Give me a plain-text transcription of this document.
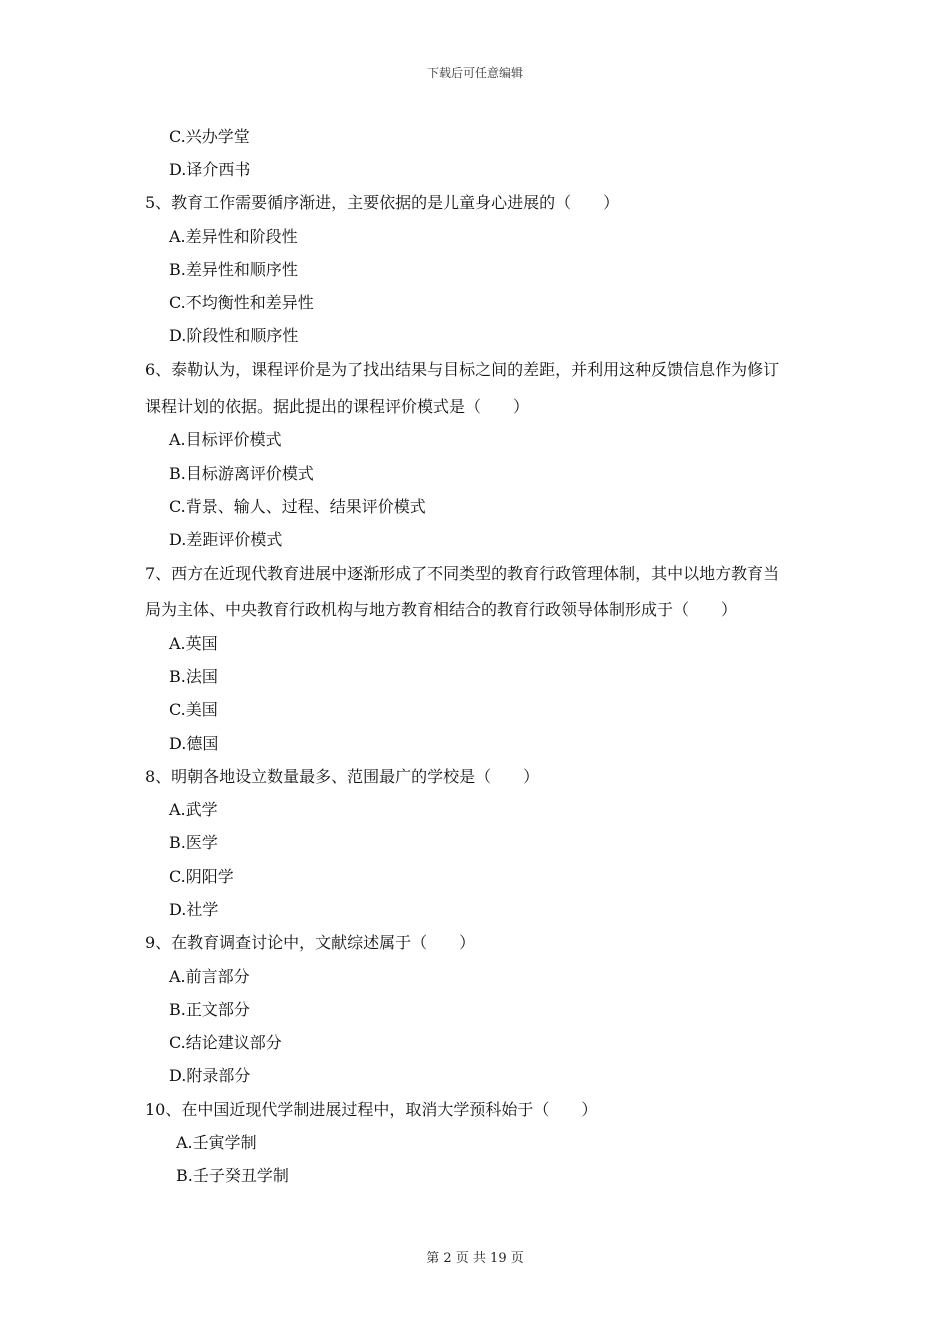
下载后可任意编辑
C.兴办学堂
D.译介西书
5、教育工作需要循序渐进，主要依据的是儿童身心进展的（　　）
A.差异性和阶段性
B.差异性和顺序性
C.不均衡性和差异性
D.阶段性和顺序性
6、泰勒认为，课程评价是为了找出结果与目标之间的差距，并利用这种反馈信息作为修订
课程计划的依据。据此提出的课程评价模式是（　　）
A.目标评价模式
B.目标游离评价模式
C.背景、输人、过程、结果评价模式
D.差距评价模式
7、西方在近现代教育进展中逐渐形成了不同类型的教育行政管理体制，其中以地方教育当
局为主体、中央教育行政机构与地方教育相结合的教育行政领导体制形成于（　　）
A.英国
B.法国
C.美国
D.德国
8、明朝各地设立数量最多、范围最广的学校是（　　）
A.武学
B.医学
C.阴阳学
D.社学
9、在教育调查讨论中，文献综述属于（　　）
A.前言部分
B.正文部分
C.结论建议部分
D.附录部分
10、在中国近现代学制进展过程中，取消大学预科始于（　　）
A.壬寅学制
B.壬子癸丑学制
第 2 页 共 19 页
